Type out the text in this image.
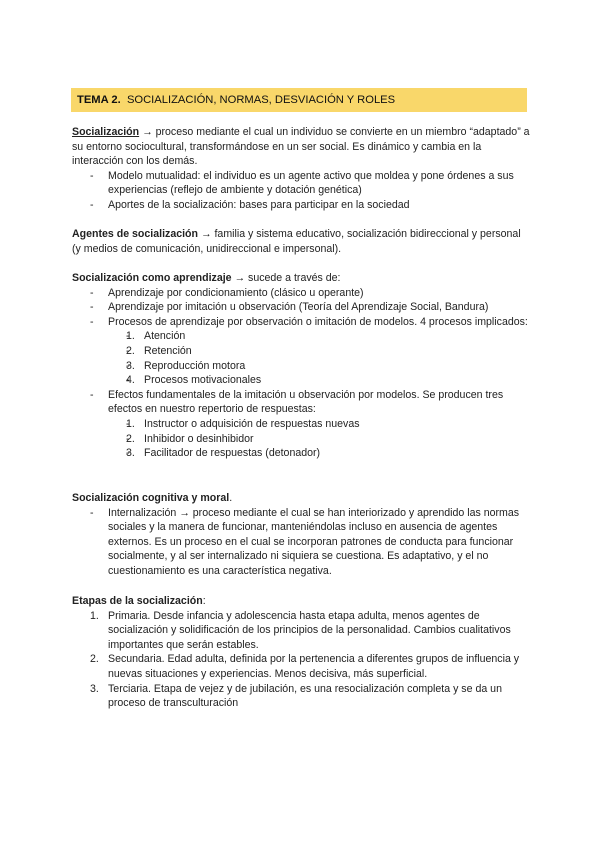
TEMA 2. SOCIALIZACIÓN, NORMAS, DESVIACIÓN Y ROLES

Socialización → proceso mediante el cual un individuo se convierte en un miembro “adaptado” a su entorno sociocultural, transformándose en un ser social. Es dinámico y cambia en la interacción con los demás.

- Modelo mutualidad: el individuo es un agente activo que moldea y pone órdenes a sus experiencias (reflejo de ambiente y dotación genética)
- Aportes de la socialización: bases para participar en la sociedad

Agentes de socialización → familia y sistema educativo, socialización bidireccional y personal (y medios de comunicación, unidireccional e impersonal).

Socialización como aprendizaje → sucede a través de:

- Aprendizaje por condicionamiento (clásico u operante)
- Aprendizaje por imitación u observación (Teoría del Aprendizaje Social, Bandura)
- Procesos de aprendizaje por observación o imitación de modelos. 4 procesos implicados:
- 1. Atención
- 2. Retención
- 3. Reproducción motora
- 4. Procesos motivacionales
- Efectos fundamentales de la imitación u observación por modelos. Se producen tres efectos en nuestro repertorio de respuestas:
- 1. Instructor o adquisición de respuestas nuevas
- 2. Inhibidor o desinhibidor
- 3. Facilitador de respuestas (detonador)

Socialización cognitiva y moral.

- Internalización → proceso mediante el cual se han interiorizado y aprendido las normas sociales y la manera de funcionar, manteniéndolas incluso en ausencia de agentes externos. Es un proceso en el cual se incorporan patrones de conducta para funcionar socialmente, y al ser internalizado ni siquiera se cuestiona. Es adaptativo, y el no cuestionamiento es una característica negativa.

Etapas de la socialización:

1. Primaria. Desde infancia y adolescencia hasta etapa adulta, menos agentes de socialización y solidificación de los principios de la personalidad. Cambios cualitativos importantes que serán estables.
2. Secundaria. Edad adulta, definida por la pertenencia a diferentes grupos de influencia y nuevas situaciones y experiencias. Menos decisiva, más superficial.
3. Terciaria. Etapa de vejez y de jubilación, es una resocialización completa y se da un proceso de transculturación
